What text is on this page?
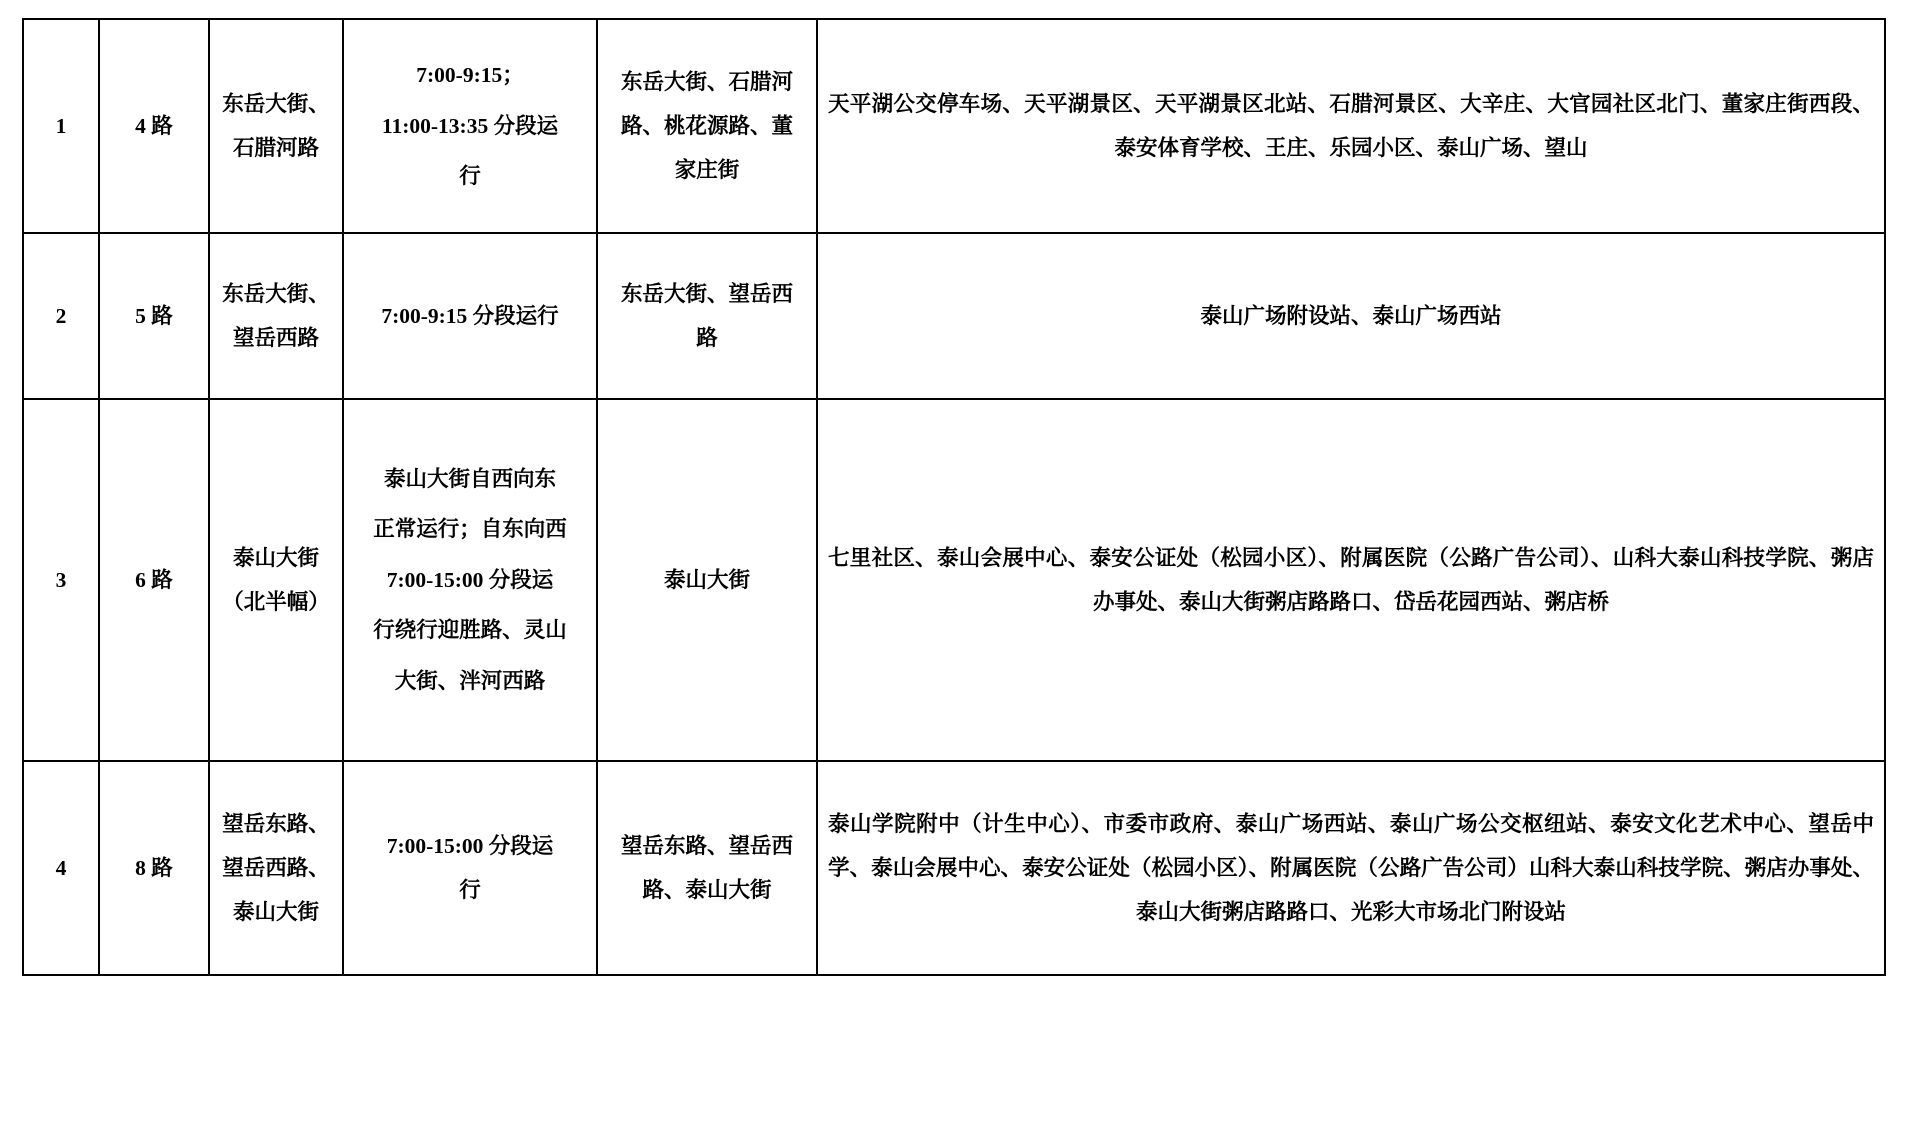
1	4 路	东岳大街、
石腊河路	7:00-9:15；
11:00-13:35 分段运
行	东岳大街、石腊河
路、桃花源路、董
家庄街	天平湖公交停车场、天平湖景区、天平湖景区北站、石腊河景区、大辛庄、大官园社区北门、董家庄街西段、泰安体育学校、王庄、乐园小区、泰山广场、望山
2	5 路	东岳大街、
望岳西路	7:00-9:15 分段运行	东岳大街、望岳西
路	泰山广场附设站、泰山广场西站
3	6 路	泰山大街
（北半幅）	泰山大街自西向东
正常运行；自东向西
7:00-15:00 分段运
行绕行迎胜路、灵山
大街、泮河西路	泰山大街	七里社区、泰山会展中心、泰安公证处（松园小区）、附属医院（公路广告公司）、山科大泰山科技学院、粥店办事处、泰山大街粥店路路口、岱岳花园西站、粥店桥
4	8 路	望岳东路、
望岳西路、
泰山大街	7:00-15:00 分段运
行	望岳东路、望岳西
路、泰山大街	泰山学院附中（计生中心）、市委市政府、泰山广场西站、泰山广场公交枢纽站、泰安文化艺术中心、望岳中学、泰山会展中心、泰安公证处（松园小区）、附属医院（公路广告公司）山科大泰山科技学院、粥店办事处、泰山大街粥店路路口、光彩大市场北门附设站
